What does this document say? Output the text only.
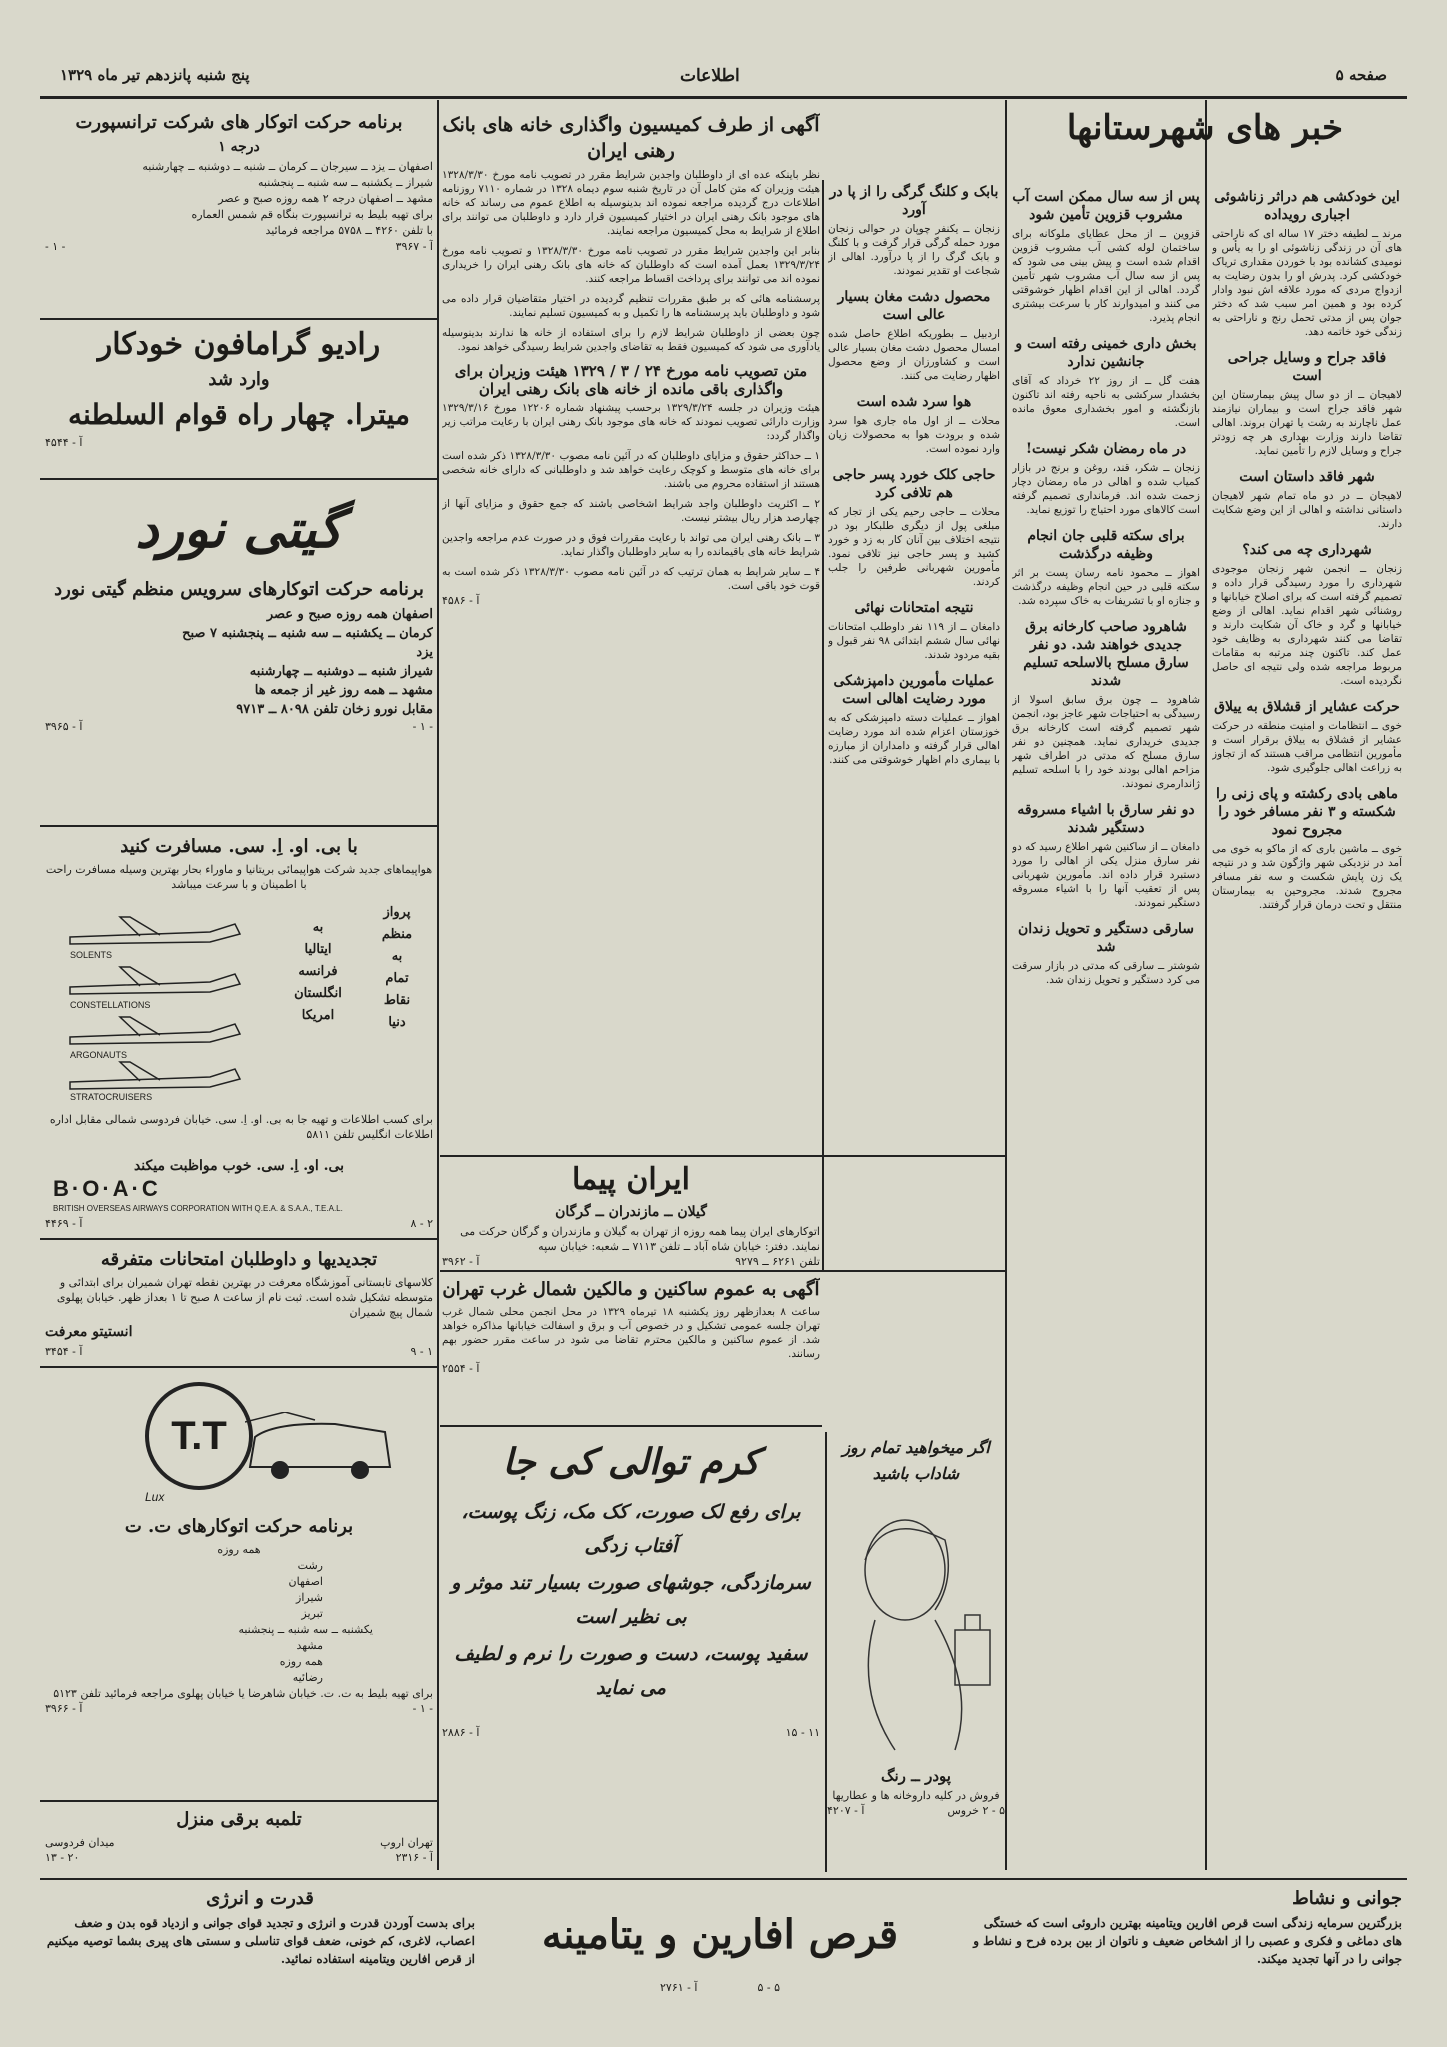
پنج شنبه پانزدهم تیر ماه ۱۳۲۹	اطلاعات	صفحه ۵
خبر های شهرستانها
این خودکشی هم دراثر زناشوئی اجباری رویداده
مرند ــ لطیفه دختر ۱۷ ساله ای که ناراحتی های آن در زندگی زناشوئی او را به یأس و نومیدی کشانده بود با خوردن مقداری تریاک خودکشی کرد. پدرش او را بدون رضایت به ازدواج مردی که مورد علاقه اش نبود وادار کرده بود و همین امر سبب شد که دختر جوان پس از مدتی تحمل رنج و ناراحتی به زندگی خود خاتمه دهد.
فاقد جراح و وسایل جراحی است
لاهیجان ــ از دو سال پیش بیمارستان این شهر فاقد جراح است و بیماران نیازمند عمل ناچارند به رشت یا تهران بروند. اهالی تقاضا دارند وزارت بهداری هر چه زودتر جراح و وسایل لازم را تأمین نماید.
شهر فاقد داستان است
لاهیجان ــ در دو ماه تمام شهر لاهیجان داستانی نداشته و اهالی از این وضع شکایت دارند.
شهرداری چه می کند؟
زنجان ــ انجمن شهر زنجان موجودی شهرداری را مورد رسیدگی قرار داده و تصمیم گرفته است که برای اصلاح خیابانها و روشنائی شهر اقدام نماید. اهالی از وضع خیابانها و گرد و خاک آن شکایت دارند و تقاضا می کنند شهرداری به وظایف خود عمل کند. تاکنون چند مرتبه به مقامات مربوط مراجعه شده ولی نتیجه ای حاصل نگردیده است.
حرکت عشایر از قشلاق به ییلاق
خوی ــ انتظامات و امنیت منطقه در حرکت عشایر از قشلاق به ییلاق برقرار است و مأمورین انتظامی مراقب هستند که از تجاوز به زراعت اهالی جلوگیری شود.
ماهی بادی رکشته و پای زنی را شکسته و ۳ نفر مسافر خود را مجروح نمود
خوی ــ ماشین باری که از ماکو به خوی می آمد در نزدیکی شهر واژگون شد و در نتیجه یک زن پایش شکست و سه نفر مسافر مجروح شدند. مجروحین به بیمارستان منتقل و تحت درمان قرار گرفتند.
پس از سه سال ممکن است آب مشروب قزوین تأمین شود
قزوین ــ از محل عطایای ملوکانه برای ساختمان لوله کشی آب مشروب قزوین اقدام شده است و پیش بینی می شود که پس از سه سال آب مشروب شهر تأمین گردد. اهالی از این اقدام اظهار خوشوقتی می کنند و امیدوارند کار با سرعت بیشتری انجام پذیرد.
بخش داری خمینی رفته است و جانشین ندارد
هفت گل ــ از روز ۲۲ خرداد که آقای بخشدار سرکشی به ناحیه رفته اند تاکنون بازنگشته و امور بخشداری معوق مانده است.
در ماه رمضان شکر نیست!
زنجان ــ شکر، قند، روغن و برنج در بازار کمیاب شده و اهالی در ماه رمضان دچار زحمت شده اند. فرمانداری تصمیم گرفته است کالاهای مورد احتیاج را توزیع نماید.
برای سکته قلبی جان انجام وظیفه درگذشت
اهواز ــ محمود نامه رسان پست بر اثر سکته قلبی در حین انجام وظیفه درگذشت و جنازه او با تشریفات به خاک سپرده شد.
شاهرود صاحب کارخانه برق جدیدی خواهند شد. دو نفر سارق مسلح بالاسلحه تسلیم شدند
شاهرود ــ چون برق سابق اسولا از رسیدگی به احتیاجات شهر عاجز بود، انجمن شهر تصمیم گرفته است کارخانه برق جدیدی خریداری نماید. همچنین دو نفر سارق مسلح که مدتی در اطراف شهر مزاحم اهالی بودند خود را با اسلحه تسلیم ژاندارمری نمودند.
دو نفر سارق با اشیاء مسروقه دستگیر شدند
دامغان ــ از ساکنین شهر اطلاع رسید که دو نفر سارق منزل یکی از اهالی را مورد دستبرد قرار داده اند. مأمورین شهربانی پس از تعقیب آنها را با اشیاء مسروقه دستگیر نمودند.
سارقی دستگیر و تحویل زندان شد
شوشتر ــ سارقی که مدتی در بازار سرقت می کرد دستگیر و تحویل زندان شد.
بابک و کلنگ گرگی را از پا در آورد
زنجان ــ یکنفر چوپان در حوالی زنجان مورد حمله گرگی قرار گرفت و با کلنگ و بابک گرگ را از پا درآورد. اهالی از شجاعت او تقدیر نمودند.
محصول دشت مغان بسیار عالی است
اردبیل ــ بطوریکه اطلاع حاصل شده امسال محصول دشت مغان بسیار عالی است و کشاورزان از وضع محصول اظهار رضایت می کنند.
هوا سرد شده است
محلات ــ از اول ماه جاری هوا سرد شده و برودت هوا به محصولات زیان وارد نموده است.
حاجی کلک خورد پسر حاجی هم تلافی کرد
محلات ــ حاجی رحیم یکی از تجار که مبلغی پول از دیگری طلبکار بود در نتیجه اختلاف بین آنان کار به زد و خورد کشید و پسر حاجی نیز تلافی نمود. مأمورین شهربانی طرفین را جلب کردند.
نتیجه امتحانات نهائی
دامغان ــ از ۱۱۹ نفر داوطلب امتحانات نهائی سال ششم ابتدائی ۹۸ نفر قبول و بقیه مردود شدند.
عملیات مأمورین دامپزشکی مورد رضایت اهالی است
اهواز ــ عملیات دسته دامپزشکی که به خوزستان اعزام شده اند مورد رضایت اهالی قرار گرفته و دامداران از مبارزه با بیماری دام اظهار خوشوقتی می کنند.
آگهی از طرف کمیسیون واگذاری خانه های بانک رهنی ایران
نظر باینکه عده ای از داوطلبان واجدین شرایط مقرر در تصویب نامه مورخ ۱۳۲۸/۳/۳۰ هیئت وزیران که متن کامل آن در تاریخ شنبه سوم دیماه ۱۳۲۸ در شماره ۷۱۱۰ روزنامه اطلاعات درج گردیده مراجعه نموده اند بدینوسیله به اطلاع عموم می رساند که خانه های موجود بانک رهنی ایران در اختیار کمیسیون قرار دارد و داوطلبان می توانند برای اطلاع از شرایط به محل کمیسیون مراجعه نمایند.
بنابر این واجدین شرایط مقرر در تصویب نامه مورخ ۱۳۲۸/۳/۳۰ و تصویب نامه مورخ ۱۳۲۹/۳/۲۴ بعمل آمده است که داوطلبان که خانه های بانک رهنی ایران را خریداری نموده اند می توانند برای پرداخت اقساط مراجعه کنند.
پرسشنامه هائی که بر طبق مقررات تنظیم گردیده در اختیار متقاضیان قرار داده می شود و داوطلبان باید پرسشنامه ها را تکمیل و به کمیسیون تسلیم نمایند.
چون بعضی از داوطلبان شرایط لازم را برای استفاده از خانه ها ندارند بدینوسیله یادآوری می شود که کمیسیون فقط به تقاضای واجدین شرایط رسیدگی خواهد نمود.
متن تصویب نامه مورخ ۲۴ / ۳ / ۱۳۲۹ هیئت وزیران برای واگذاری باقی مانده از خانه های بانک رهنی ایران
هیئت وزیران در جلسه ۱۳۲۹/۳/۲۴ برحسب پیشنهاد شماره ۱۲۲۰۶ مورخ ۱۳۲۹/۳/۱۶ وزارت دارائی تصویب نمودند که خانه های موجود بانک رهنی ایران با رعایت مراتب زیر واگذار گردد:
۱ ــ حداکثر حقوق و مزایای داوطلبان که در آئین نامه مصوب ۱۳۲۸/۳/۳۰ ذکر شده است برای خانه های متوسط و کوچک رعایت خواهد شد و داوطلبانی که دارای خانه شخصی هستند از استفاده محروم می باشند.
۲ ــ اکثریت داوطلبان واجد شرایط اشخاصی باشند که جمع حقوق و مزایای آنها از چهارصد هزار ریال بیشتر نیست.
۳ ــ بانک رهنی ایران می تواند با رعایت مقررات فوق و در صورت عدم مراجعه واجدین شرایط خانه های باقیمانده را به سایر داوطلبان واگذار نماید.
۴ ــ سایر شرایط به همان ترتیب که در آئین نامه مصوب ۱۳۲۸/۳/۳۰ ذکر شده است به قوت خود باقی است.
آ - ۴۵۸۶
ایران پیما
گیلان ــ مازندران ــ گرگان
اتوکارهای ایران پیما همه روزه از تهران به گیلان و مازندران و گرگان حرکت می نمایند. دفتر: خیابان شاه آباد ــ تلفن ۷۱۱۳ ــ شعبه: خیابان سپه
تلفن ۶۲۶۱ ــ ۹۲۷۹
آ - ۳۹۶۲
آگهی به عموم ساکنین و مالکین شمال غرب تهران
ساعت ۸ بعدازظهر روز یکشنبه ۱۸ تیرماه ۱۳۲۹ در محل انجمن محلی شمال غرب تهران جلسه عمومی تشکیل و در خصوص آب و برق و اسفالت خیابانها مذاکره خواهد شد. از عموم ساکنین و مالکین محترم تقاضا می شود در ساعت مقرر حضور بهم رسانند.
آ - ۲۵۵۴
کرم توالی کی جا
برای رفع لک صورت، کک مک، زنگ پوست، آفتاب زدگی
سرمازدگی، جوشهای صورت بسیار تند موثر و بی نظیر است
سفید پوست، دست و صورت را نرم و لطیف می نماید
۱۱ - ۱۵
آ - ۲۸۸۶
اگر میخواهید تمام روز شاداب باشید
پودر ــ رنگ
فروش در کلیه داروخانه ها و عطاریها
۵ - ۲ خروس
آ - ۴۲۰۷
برنامه حرکت اتوکار های شرکت ترانسپورت
درجه ۱
اصفهان ــ یزد ــ سیرجان ــ کرمان ــ شنبه ــ دوشنبه ــ چهارشنبه
شیراز ــ یکشنبه ــ سه شنبه ــ پنجشنبه
مشهد ــ اصفهان درجه ۲ همه روزه صبح و عصر
برای تهیه بلیط به ترانسپورت بنگاه قم شمس العماره
با تلفن ۴۲۶۰ ــ ۵۷۵۸ مراجعه فرمائید
آ - ۳۹۶۷
- ۱ -
رادیو گرامافون خودکار
وارد شد
میترا. چهار راه قوام السلطنه
آ - ۴۵۴۴
گیتی نورد
برنامه حرکت اتوکارهای سرویس منظم گیتی نورد
اصفهان همه روزه صبح و عصر
کرمان ــ یکشنبه ــ سه شنبه ــ پنجشنبه ۷ صبح
یزد
شیراز شنبه ــ دوشنبه ــ چهارشنبه
مشهد ــ همه روز غیر از جمعه ها
مقابل نورو زخان تلفن ۸۰۹۸ ــ ۹۷۱۳
- ۱ -
آ - ۳۹۶۵
با بی. او. اِ. سی. مسافرت کنید
هواپیماهای جدید شرکت هواپیمائی بریتانیا و ماوراء بحار بهترین وسیله مسافرت راحت با اطمینان و با سرعت میباشد
پرواز
منظم
به
تمام
نقاط
دنیا
به
ایتالیا
فرانسه
انگلستان
امریکا
SOLENTS
CONSTELLATIONS
ARGONAUTS
STRATOCRUISERS
برای کسب اطلاعات و تهیه جا به بی. او. اِ. سی. خیابان فردوسی شمالی مقابل اداره اطلاعات انگلیس تلفن ۵۸۱۱
بی. او. اِ. سی. خوب مواظبت میکند
B·O·A·C
BRITISH OVERSEAS AIRWAYS CORPORATION WITH Q.E.A. & S.A.A., T.E.A.L.
۲ - ۸
آ - ۴۴۶۹
تجدیدیها و داوطلبان امتحانات متفرقه
کلاسهای تابستانی آموزشگاه معرفت در بهترین نقطه تهران شمیران برای ابتدائی و متوسطه تشکیل شده است. ثبت نام از ساعت ۸ صبح تا ۱ بعداز ظهر. خیابان پهلوی شمال پیچ شمیران
انستیتو معرفت
۱ - ۹
آ - ۳۴۵۴
T.T
Lux
برنامه حرکت اتوکارهای ت. ت
همه روزه
رشت
اصفهان
شیراز
تبریز
یکشنبه ــ سه شنبه ــ پنجشنبه
مشهد
همه روزه
رضائیه
برای تهیه بلیط به ت. ت. خیابان شاهرضا یا خیابان پهلوی مراجعه فرمائید تلفن ۵۱۲۳
- ۱ -
آ - ۳۹۶۶
تلمبه برقی منزل
تهران اروپ
میدان فردوسی
آ - ۲۳۱۶
۲۰ - ۱۳
قدرت و انرژی
برای بدست آوردن قدرت و انرژی و تجدید قوای جوانی و ازدیاد قوه بدن و ضعف اعصاب، لاغری، کم خونی، ضعف قوای تناسلی و سستی های پیری بشما توصیه میکنیم از قرص افارین ویتامینه استفاده نمائید.
قرص افارین و یتامینه
۵ - ۵
آ - ۲۷۶۱
جوانی و نشاط
بزرگترین سرمایه زندگی است قرص افارین ویتامینه بهترین داروئی است که خستگی های دماغی و فکری و عصبی را از اشخاص ضعیف و ناتوان از بین برده فرح و نشاط و جوانی را در آنها تجدید میکند.
